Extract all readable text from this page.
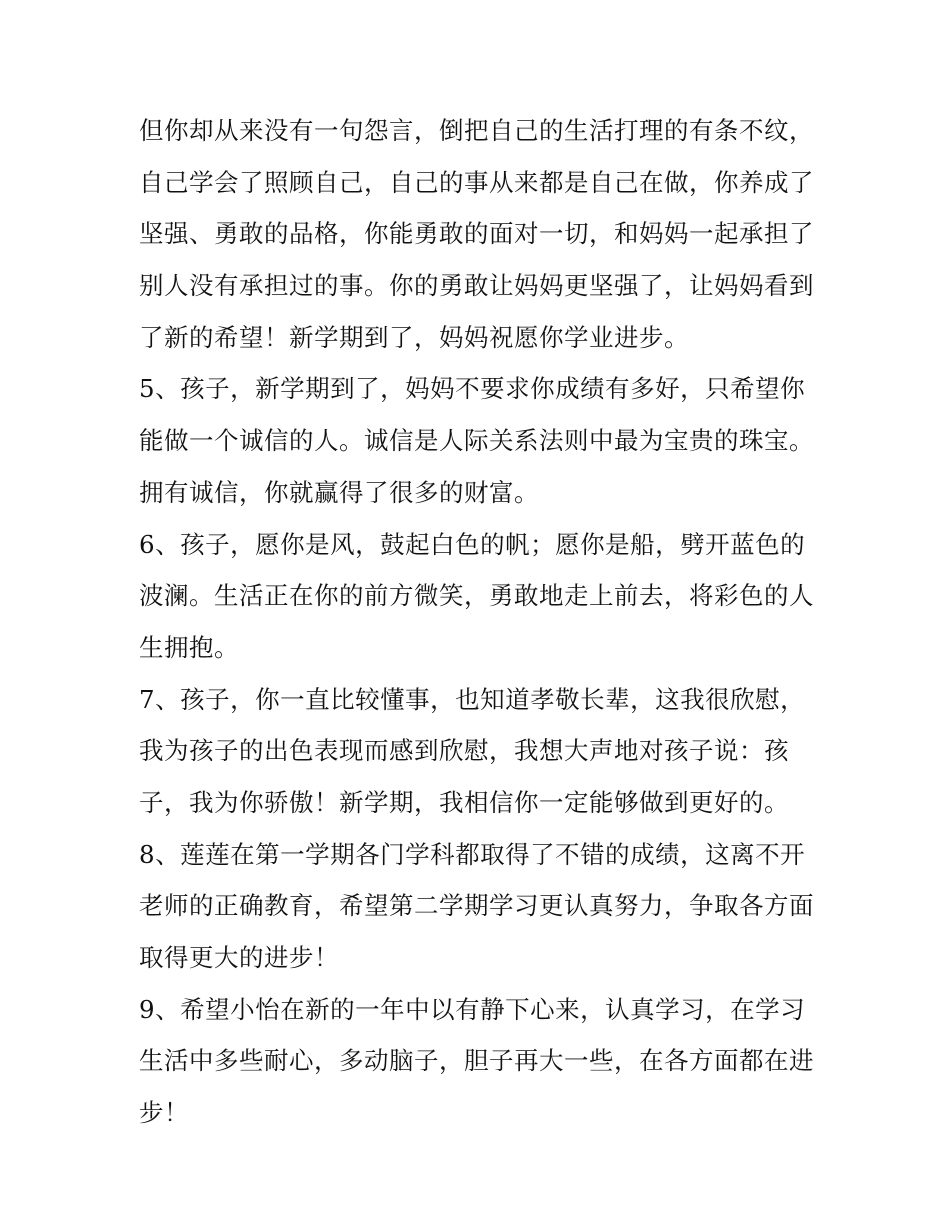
但你却从来没有一句怨言，倒把自己的生活打理的有条不纹，
自己学会了照顾自己，自己的事从来都是自己在做，你养成了
坚强、勇敢的品格，你能勇敢的面对一切，和妈妈一起承担了
别人没有承担过的事。你的勇敢让妈妈更坚强了，让妈妈看到
了新的希望！新学期到了，妈妈祝愿你学业进步。
5、孩子，新学期到了，妈妈不要求你成绩有多好，只希望你
能做一个诚信的人。诚信是人际关系法则中最为宝贵的珠宝。
拥有诚信，你就赢得了很多的财富。
6、孩子，愿你是风，鼓起白色的帆；愿你是船，劈开蓝色的
波澜。生活正在你的前方微笑，勇敢地走上前去，将彩色的人
生拥抱。
7、孩子，你一直比较懂事，也知道孝敬长辈，这我很欣慰，
我为孩子的出色表现而感到欣慰，我想大声地对孩子说：孩
子，我为你骄傲！新学期，我相信你一定能够做到更好的。
8、莲莲在第一学期各门学科都取得了不错的成绩，这离不开
老师的正确教育，希望第二学期学习更认真努力，争取各方面
取得更大的进步！
9、希望小怡在新的一年中以有静下心来，认真学习，在学习
生活中多些耐心，多动脑子，胆子再大一些，在各方面都在进
步！
